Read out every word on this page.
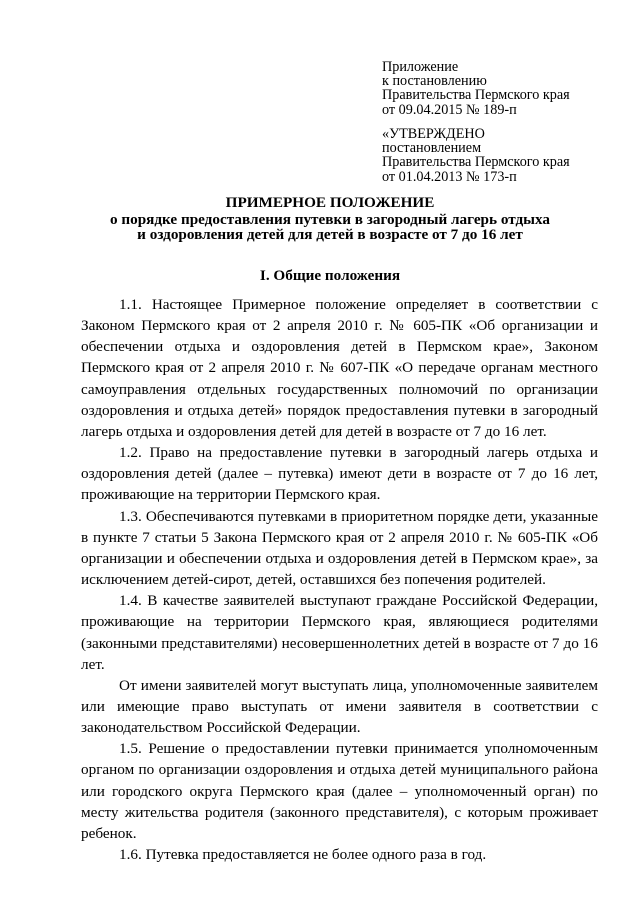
Приложение
к постановлению
Правительства Пермского края
от 09.04.2015 № 189-п
«УТВЕРЖДЕНО
постановлением
Правительства Пермского края
от 01.04.2013 № 173-п
ПРИМЕРНОЕ ПОЛОЖЕНИЕ
о порядке предоставления путевки в загородный лагерь отдыха
и оздоровления детей для детей в возрасте от 7 до 16 лет
I. Общие положения

1.1. Настоящее Примерное положение определяет в соответствии с Законом Пермского края от 2 апреля 2010 г. № 605-ПК «Об организации и обеспечении отдыха и оздоровления детей в Пермском крае», Законом Пермского края от 2 апреля 2010 г. № 607-ПК «О передаче органам местного самоуправления отдельных государственных полномочий по организации оздоровления и отдыха детей» порядок предоставления путевки в загородный лагерь отдыха и оздоровления детей для детей в возрасте от 7 до 16 лет.

1.2. Право на предоставление путевки в загородный лагерь отдыха и оздоровления детей (далее – путевка) имеют дети в возрасте от 7 до 16 лет, проживающие на территории Пермского края.

1.3. Обеспечиваются путевками в приоритетном порядке дети, указанные в пункте 7 статьи 5 Закона Пермского края от 2 апреля 2010 г. № 605-ПК «Об организации и обеспечении отдыха и оздоровления детей в Пермском крае», за исключением детей-сирот, детей, оставшихся без попечения родителей.

1.4. В качестве заявителей выступают граждане Российской Федерации, проживающие на территории Пермского края, являющиеся родителями (законными представителями) несовершеннолетних детей в возрасте от 7 до 16 лет.

От имени заявителей могут выступать лица, уполномоченные заявителем или имеющие право выступать от имени заявителя в соответствии с законодательством Российской Федерации.

1.5. Решение о предоставлении путевки принимается уполномоченным органом по организации оздоровления и отдыха детей муниципального района или городского округа Пермского края (далее – уполномоченный орган) по месту жительства родителя (законного представителя), с которым проживает ребенок.

1.6. Путевка предоставляется не более одного раза в год.
